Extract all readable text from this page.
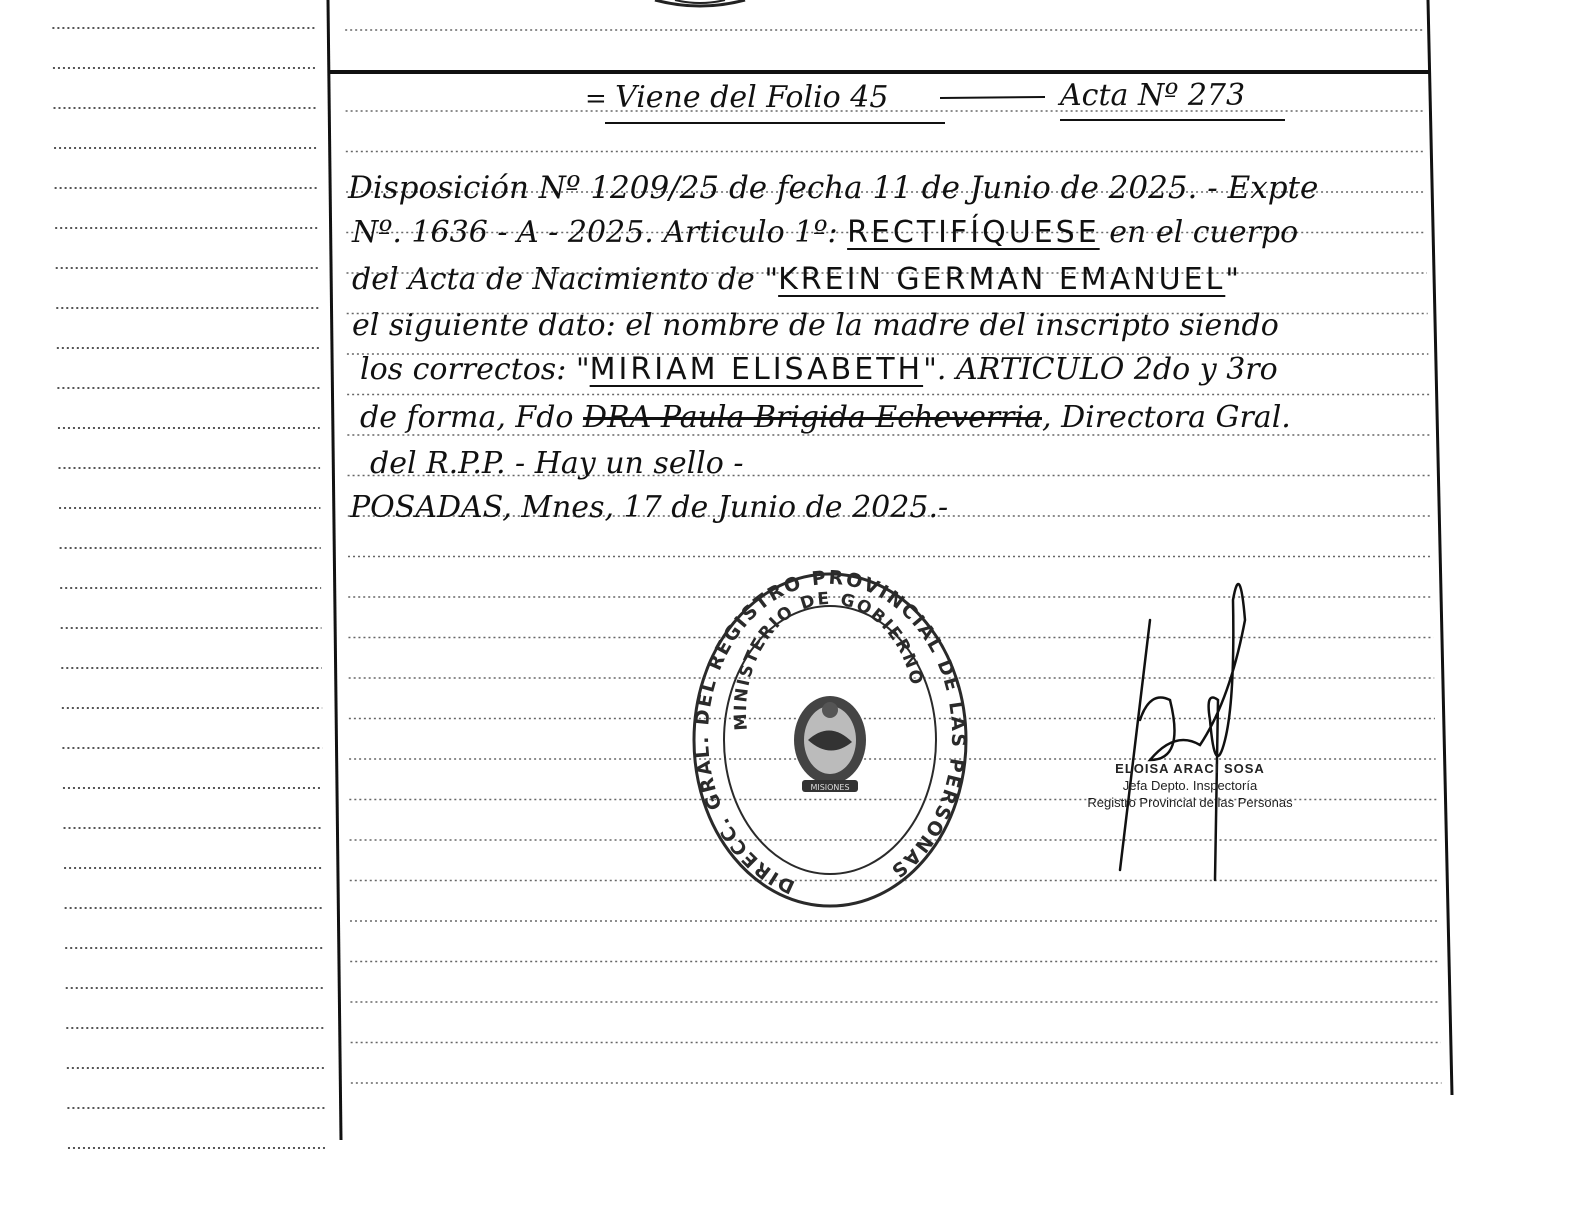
= Viene del Folio 45	Acta Nº 273
Disposición Nº 1209/25 de fecha 11 de Junio de 2025. - Expte
Nº. 1636 - A - 2025. Articulo 1º: RECTIFÍQUESE en el cuerpo
del Acta de Nacimiento de "KREIN GERMAN EMANUEL"
el siguiente dato: el nombre de la madre del inscripto siendo
los correctos: "MIRIAM ELISABETH". ARTICULO 2do y 3ro
de forma, Fdo DRA Paula Brigida Echeverria, Directora Gral.
del R.P.P. - Hay un sello -
POSADAS, Mnes, 17 de Junio de 2025.-
DIRECC. GRAL. DEL REGISTRO PROVINCIAL DE LAS PERSONAS
MINISTERIO DE GOBIERNO
MISIONES
ELOISA ARACI SOSA
Jefa Depto. Inspectoría
Registro Provincial de las Personas
